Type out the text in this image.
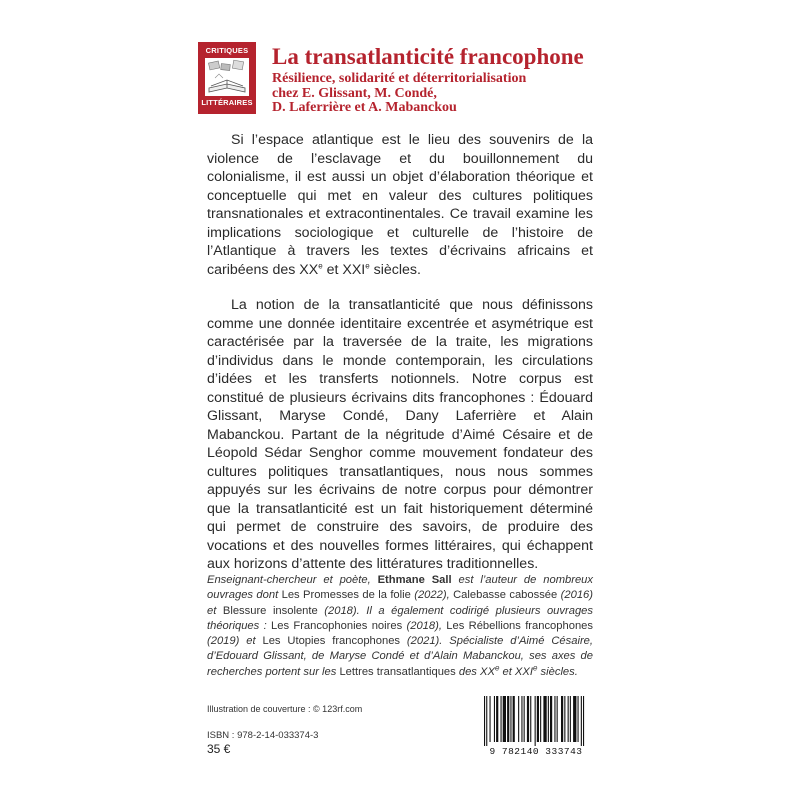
CRITIQUES
LITTÉRAIRES
La transatlanticité francophone
Résilience, solidarité et déterritorialisation
chez E. Glissant, M. Condé,
D. Laferrière et A. Mabanckou

Si l’espace atlantique est le lieu des souvenirs de la violence de l’esclavage et du bouillonnement du colonialisme, il est aussi un objet d’élaboration théorique et conceptuelle qui met en valeur des cultures politiques transnationales et extracontinentales. Ce travail examine les implications sociologique et culturelle de l’histoire de l’Atlantique à travers les textes d’écrivains africains et caribéens des XXe et XXIe siècles.

La notion de la transatlanticité que nous définissons comme une donnée identitaire excentrée et asymétrique est caractérisée par la traversée de la traite, les migrations d’individus dans le monde contemporain, les circulations d’idées et les transferts notionnels. Notre corpus est constitué de plusieurs écrivains dits francophones : Édouard Glissant, Maryse Condé, Dany Laferrière et Alain Mabanckou. Partant de la négritude d’Aimé Césaire et de Léopold Sédar Senghor comme mouvement fondateur des cultures politiques transatlantiques, nous nous sommes appuyés sur les écrivains de notre corpus pour démontrer que la transatlanticité est un fait historiquement déterminé qui permet de construire des savoirs, de produire des vocations et des nouvelles formes littéraires, qui échappent aux horizons d’attente des littératures traditionnelles.

Enseignant-chercheur et poète, Ethmane Sall est l’auteur de nombreux ouvrages dont Les Promesses de la folie (2022), Calebasse cabossée (2016) et Blessure insolente (2018). Il a également codirigé plusieurs ouvrages théoriques : Les Francophonies noires (2018), Les Rébellions francophones (2019) et Les Utopies francophones (2021). Spécialiste d’Aimé Césaire, d’Edouard Glissant, de Maryse Condé et d’Alain Mabanckou, ses axes de recherches portent sur les Lettres transatlantiques des XXe et XXIe siècles.
Illustration de couverture : © 123rf.com
ISBN : 978-2-14-033374-3
35 €	9 782140 333743
